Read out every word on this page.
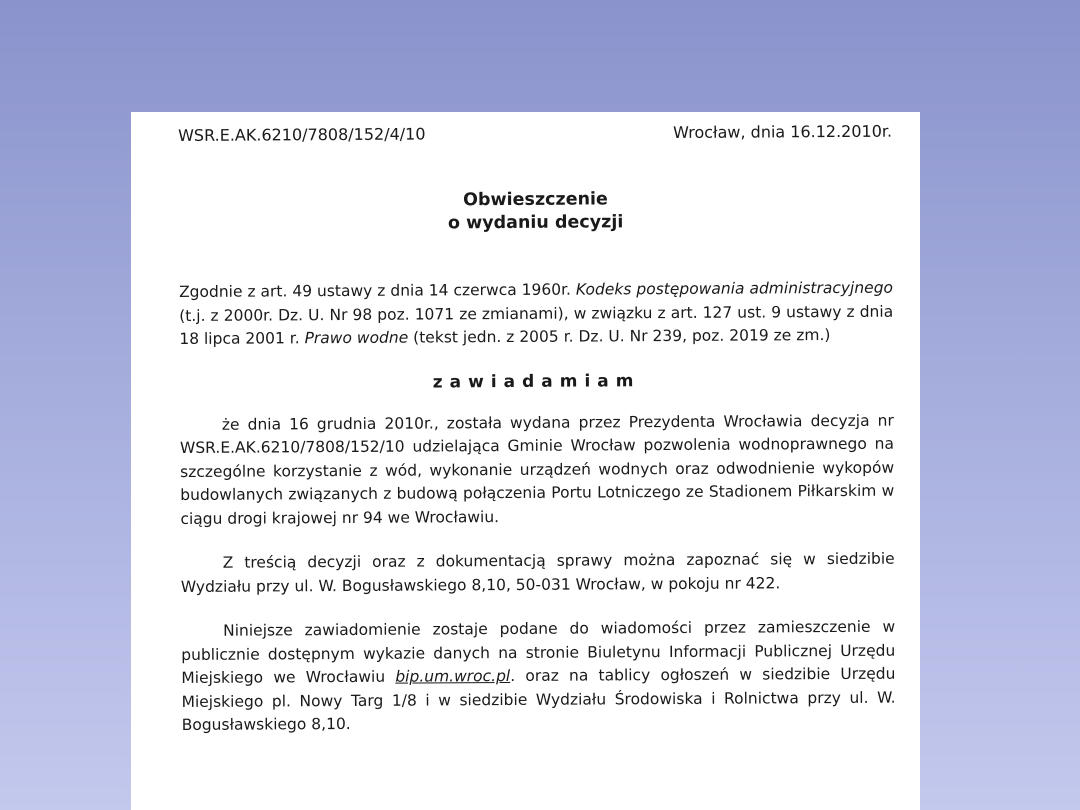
WSR.E.AK.6210/7808/152/4/10	Wrocław, dnia 16.12.2010r.
Obwieszczenie
o wydaniu decyzji

Zgodnie z art. 49 ustawy z dnia 14 czerwca 1960r. Kodeks postępowania administracyjnego (t.j. z 2000r. Dz. U. Nr 98 poz. 1071 ze zmianami), w związku z art. 127 ust. 9 ustawy z dnia 18 lipca 2001 r. Prawo wodne (tekst jedn. z 2005 r. Dz. U. Nr 239, poz. 2019 ze zm.)

zawiadamiam

że dnia 16 grudnia 2010r., została wydana przez Prezydenta Wrocławia decyzja nr WSR.E.AK.6210/7808/152/10 udzielająca Gminie Wrocław pozwolenia wodnoprawnego na szczególne korzystanie z wód, wykonanie urządzeń wodnych oraz odwodnienie wykopów budowlanych związanych z budową połączenia Portu Lotniczego ze Stadionem Piłkarskim w ciągu drogi krajowej nr 94 we Wrocławiu.

Z treścią decyzji oraz z dokumentacją sprawy można zapoznać się w siedzibie Wydziału przy ul. W. Bogusławskiego 8,10, 50-031 Wrocław, w pokoju nr 422.

Niniejsze zawiadomienie zostaje podane do wiadomości przez zamieszczenie w publicznie dostępnym wykazie danych na stronie Biuletynu Informacji Publicznej Urzędu Miejskiego we Wrocławiu bip.um.wroc.pl. oraz na tablicy ogłoszeń w siedzibie Urzędu Miejskiego pl. Nowy Targ 1/8 i w siedzibie Wydziału Środowiska i Rolnictwa przy ul. W. Bogusławskiego 8,10.
